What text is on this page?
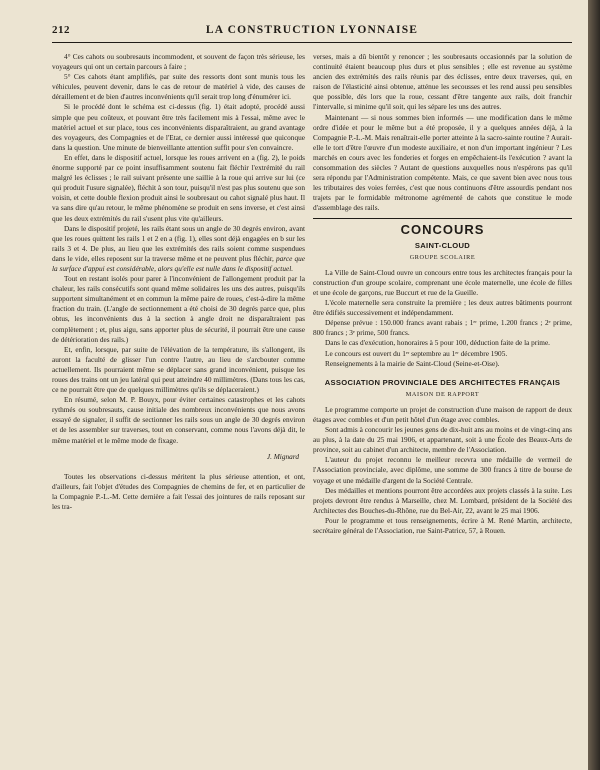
212	LA CONSTRUCTION LYONNAISE

4° Ces cahots ou soubresauts incommodent, et souvent de façon très sérieuse, les voyageurs qui ont un certain parcours à faire ;

5° Ces cahots étant amplifiés, par suite des ressorts dont sont munis tous les véhicules, peuvent devenir, dans le cas de retour de matériel à vide, des causes de déraillement et de bien d'autres inconvénients qu'il serait trop long d'énumérer ici.

Si le procédé dont le schéma est ci-dessus (fig. 1) était adopté, procédé aussi simple que peu coûteux, et pouvant être très facilement mis à l'essai, même avec le matériel actuel et sur place, tous ces inconvénients disparaîtraient, au grand avantage des voyageurs, des Compagnies et de l'Etat, ce dernier aussi intéressé que quiconque dans la question. Une minute de bienveillante attention suffit pour s'en convaincre.

En effet, dans le dispositif actuel, lorsque les roues arrivent en a (fig. 2), le poids énorme supporté par ce point insuffisamment soutenu fait fléchir l'extrémité du rail malgré les éclisses ; le rail suivant présente une saillie à la roue qui arrive sur lui (ce qui produit l'usure signalée), fléchit à son tour, puisqu'il n'est pas plus soutenu que son voisin, et cette double flexion produit ainsi le soubresaut ou cahot signalé plus haut. Il va sans dire qu'au retour, le même phénomène se produit en sens inverse, et c'est ainsi que les deux extrémités du rail s'usent plus vite qu'ailleurs.

Dans le dispositif projeté, les rails étant sous un angle de 30 degrés environ, avant que les roues quittent les rails 1 et 2 en a (fig. 1), elles sont déjà engagées en b sur les rails 3 et 4. De plus, au lieu que les extrémités des rails soient comme suspendues dans le vide, elles reposent sur la traverse même et ne peuvent plus fléchir, parce que la surface d'appui est considérable, alors qu'elle est nulle dans le dispositif actuel.

Tout en restant isolés pour parer à l'inconvénient de l'allongement produit par la chaleur, les rails consécutifs sont quand même solidaires les uns des autres, puisqu'ils supportent simultanément et en commun la même paire de roues, c'est-à-dire la même fraction du train. (L'angle de sectionnement a été choisi de 30 degrés parce que, plus obtus, les inconvénients dus à la section à angle droit ne disparaîtraient pas complètement ; et, plus aigu, sans apporter plus de sécurité, il pourrait être une cause de détérioration des rails.)

Et, enfin, lorsque, par suite de l'élévation de la température, ils s'allongent, ils auront la faculté de glisser l'un contre l'autre, au lieu de s'arcbouter comme actuellement. Ils pourraient même se déplacer sans grand inconvénient, puisque les roues des trains ont un jeu latéral qui peut atteindre 40 millimètres. (Dans tous les cas, ce ne pourrait être que de quelques millimètres qu'ils se déplaceraient.)

En résumé, selon M. P. Bouyx, pour éviter certaines catastrophes et les cahots rythmés ou soubresauts, cause initiale des nombreux inconvénients que nous avons essayé de signaler, il suffit de sectionner les rails sous un angle de 30 degrés environ et de les assembler sur traverses, tout en conservant, comme nous l'avons déjà dit, le même matériel et le même mode de fixage.

J. Mignard

Toutes les observations ci-dessus méritent la plus sérieuse attention, et ont, d'ailleurs, fait l'objet d'études des Compagnies de chemins de fer, et en particulier de la Compagnie P.-L.-M. Cette dernière a fait l'essai des jointures de rails reposant sur les tra-

verses, mais a dû bientôt y renoncer ; les soubresauts occasionnés par la solution de continuité étaient beaucoup plus durs et plus sensibles ; elle est revenue au système ancien des extrémités des rails réunis par des éclisses, entre deux traverses, qui, en raison de l'élasticité ainsi obtenue, atténue les secousses et les rend aussi peu sensibles que possible, dès lors que la roue, cessant d'être tangente aux rails, doit franchir l'intervalle, si minime qu'il soit, qui les sépare les uns des autres.

Maintenant — si nous sommes bien informés — une modification dans le même ordre d'idée et pour le même but a été proposée, il y a quelques années déjà, à la Compagnie P.-L.-M. Mais renaîtrait-elle porter atteinte à la sacro-sainte routine ? Aurait-elle le tort d'être l'œuvre d'un modeste auxiliaire, et non d'un important ingénieur ? Les marchés en cours avec les fonderies et forges en empêchaient-ils l'exécution ? avant la consommation des siècles ? Autant de questions auxquelles nous n'espérons pas qu'il sera répondu par l'Administration compétente. Mais, ce que savent bien avec nous tous les tributaires des voies ferrées, c'est que nous continuons d'être assourdis pendant nos trajets par le formidable métronome agrémenté de cahots que constitue le mode d'assemblage des rails.

CONCOURS
SAINT-CLOUD
GROUPE SCOLAIRE

La Ville de Saint-Cloud ouvre un concours entre tous les architectes français pour la construction d'un groupe scolaire, comprenant une école maternelle, une école de filles et une école de garçons, rue Buccurt et rue de la Gueille.

L'école maternelle sera construite la première ; les deux autres bâtiments pourront être édifiés successivement et indépendamment.

Dépense prévue : 150.000 francs avant rabais ; 1ᵉʳ prime, 1.200 francs ; 2ᵉ prime, 800 francs ; 3ᵉ prime, 500 francs.

Dans le cas d'exécution, honoraires à 5 pour 100, déduction faite de la prime.

Le concours est ouvert du 1ᵉʳ septembre au 1ᵉʳ décembre 1905.

Renseignements à la mairie de Saint-Cloud (Seine-et-Oise).

ASSOCIATION PROVINCIALE DES ARCHITECTES FRANÇAIS
MAISON DE RAPPORT

Le programme comporte un projet de construction d'une maison de rapport de deux étages avec combles et d'un petit hôtel d'un étage avec combles.

Sont admis à concourir les jeunes gens de dix-huit ans au moins et de vingt-cinq ans au plus, à la date du 25 mai 1906, et appartenant, soit à une École des Beaux-Arts de province, soit au cabinet d'un architecte, membre de l'Association.

L'auteur du projet reconnu le meilleur recevra une médaille de vermeil de l'Association provinciale, avec diplôme, une somme de 300 francs à titre de bourse de voyage et une médaille d'argent de la Société Centrale.

Des médailles et mentions pourront être accordées aux projets classés à la suite. Les projets devront être rendus à Marseille, chez M. Lombard, président de la Société des Architectes des Bouches-du-Rhône, rue du Bel-Air, 22, avant le 25 mai 1906.

Pour le programme et tous renseignements, écrire à M. René Martin, architecte, secrétaire général de l'Association, rue Saint-Patrice, 57, à Rouen.
